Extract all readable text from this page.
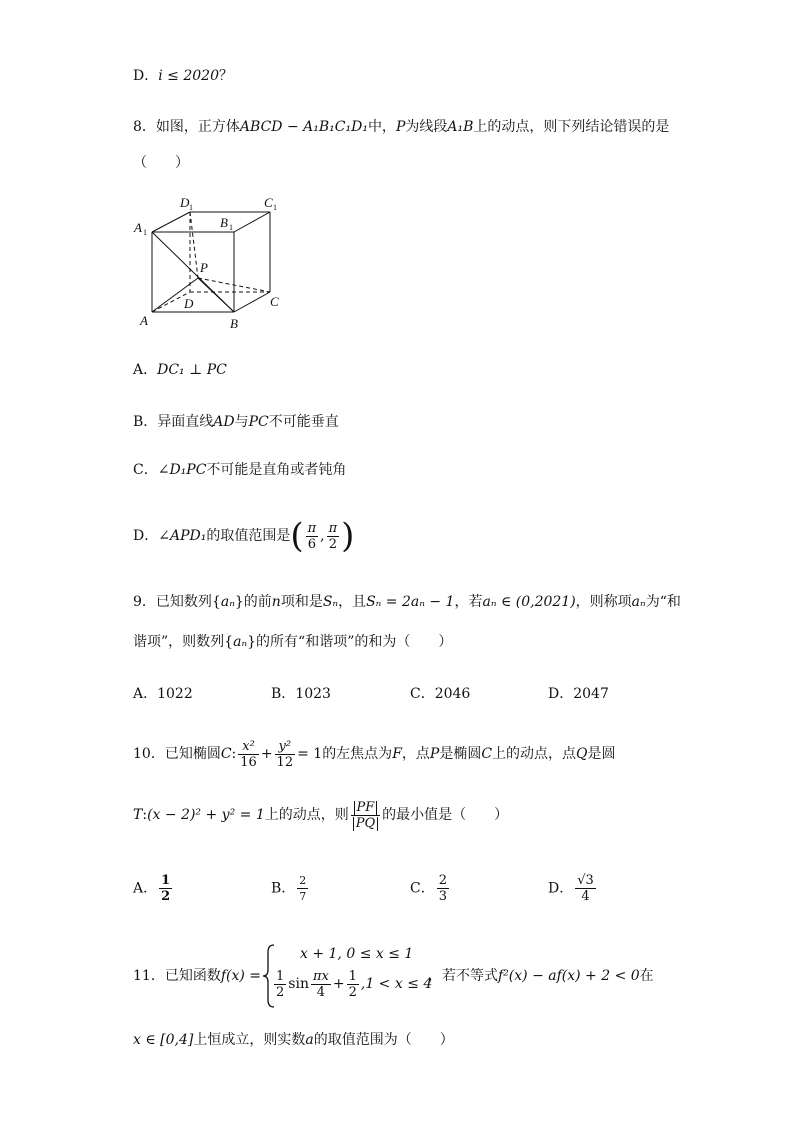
D．i ≤ 2020？
8．如图，正方体ABCD − A₁B₁C₁D₁中，P为线段A₁B上的动点，则下列结论错误的是
（　　）
A 1
D 1	C 1
B 1
P
D	C
A	B
A．DC₁ ⊥ PC
B．异面直线AD与PC不可能垂直
C．∠D₁PC不可能是直角或者钝角
D．∠APD₁的取值范围是( $\frac{\pi}{6}$ , $\frac{\pi}{2}$ )
9．已知数列{aₙ}的前n项和是Sₙ，且Sₙ = 2aₙ − 1，若aₙ ∈ (0,2021)，则称项aₙ为“和
谐项”，则数列{aₙ}的所有“和谐项”的和为（　　）
A．1022	B．1023	C．2046	D．2047
10．已知椭圆C: $\frac{\text{x²}}{16} + \frac{\text{y²}}{12} = 1$的左焦点为F，点P是椭圆C上的动点，点Q是圆
T:(x − 2)² + y² = 1上的动点，则 $\frac{PF}{PQ}$ 的最小值是（　　）
A． $\frac{1}{2}$	B． $\frac{2}{7}$	C． $\frac{2}{3}$	D． $\frac{√3}{4}$
11．已知函数f(x) =
x + 1, 0 ≤ x ≤ 1
$\frac{1}{2}$ $\sin \frac{\pi x}{4} + \frac{1}{2} ,1 < x \le 4$
，若不等式f²(x) − af(x) + 2 < 0在
x ∈ [0,4]上恒成立，则实数a的取值范围为（　　）
